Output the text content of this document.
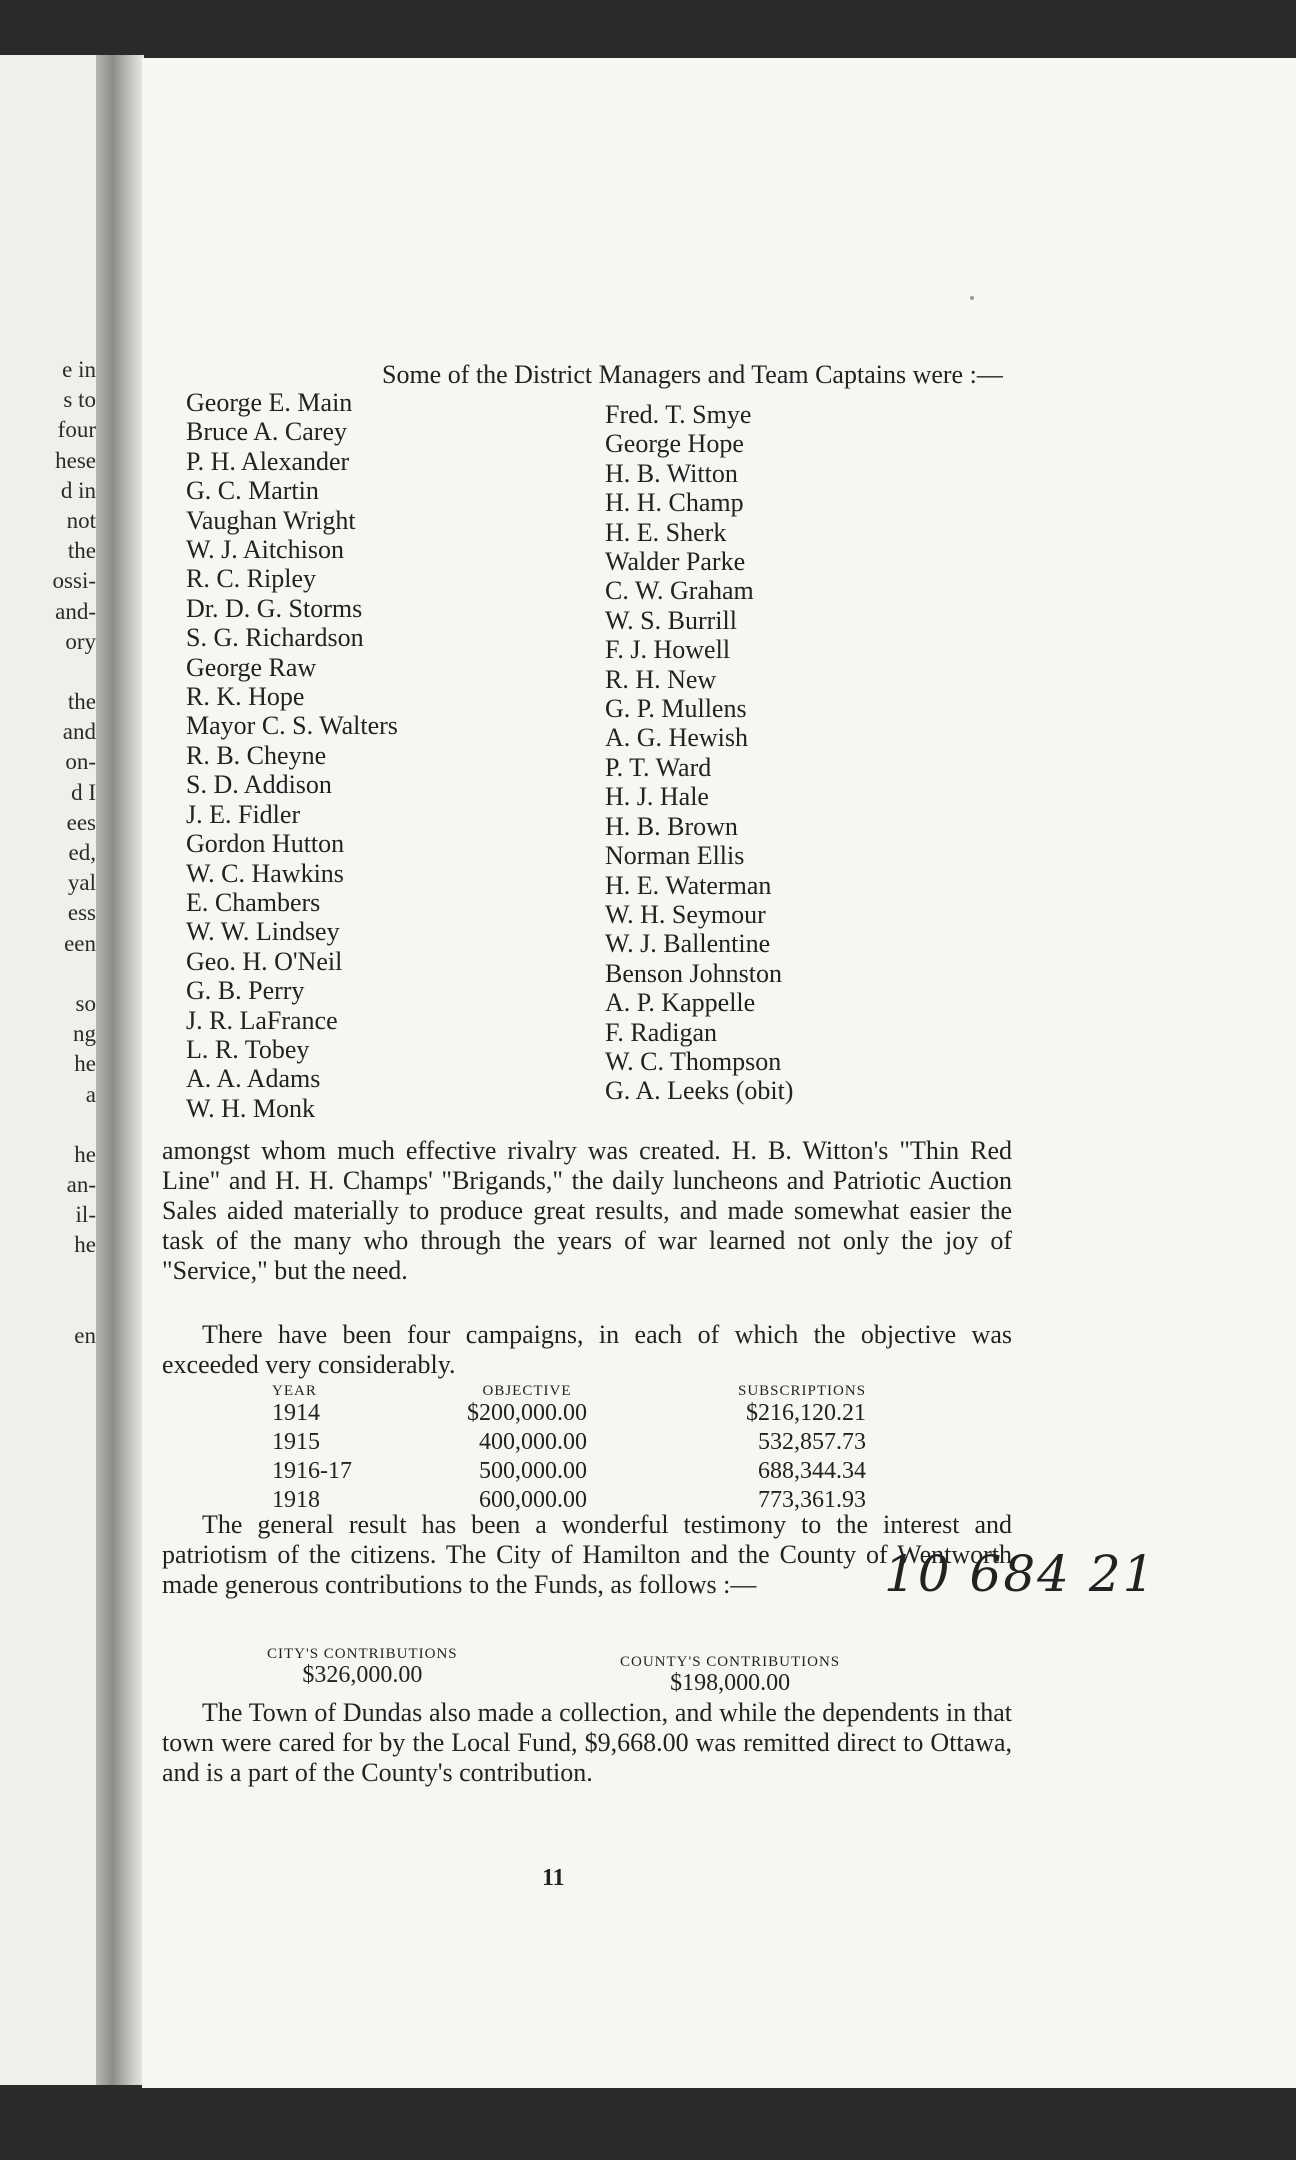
e in
s to
four
hese
d in
not
the
ossi-
and-
ory
the
and
on-
d I
ees
ed,
yal
ess
een
so
ng
he
a
he
an-
il-
he
en
Some of the District Managers and Team Captains were :—
George E. Main
Bruce A. Carey
P. H. Alexander
G. C. Martin
Vaughan Wright
W. J. Aitchison
R. C. Ripley
Dr. D. G. Storms
S. G. Richardson
George Raw
R. K. Hope
Mayor C. S. Walters
R. B. Cheyne
S. D. Addison
J. E. Fidler
Gordon Hutton
W. C. Hawkins
E. Chambers
W. W. Lindsey
Geo. H. O'Neil
G. B. Perry
J. R. LaFrance
L. R. Tobey
A. A. Adams
W. H. Monk
Fred. T. Smye
George Hope
H. B. Witton
H. H. Champ
H. E. Sherk
Walder Parke
C. W. Graham
W. S. Burrill
F. J. Howell
R. H. New
G. P. Mullens
A. G. Hewish
P. T. Ward
H. J. Hale
H. B. Brown
Norman Ellis
H. E. Waterman
W. H. Seymour
W. J. Ballentine
Benson Johnston
A. P. Kappelle
F. Radigan
W. C. Thompson
G. A. Leeks (obit)

amongst whom much effective rivalry was created. H. B. Witton's "Thin Red Line" and H. H. Champs' "Brigands," the daily luncheons and Patriotic Auction Sales aided materially to produce great results, and made somewhat easier the task of the many who through the years of war learned not only the joy of "Service," but the need.

There have been four campaigns, in each of which the objective was exceeded very considerably.

YEAR
1914
1915
1916-17
1918
OBJECTIVE
$200,000.00
400,000.00
500,000.00
600,000.00
SUBSCRIPTIONS
$216,120.21
532,857.73
688,344.34
773,361.93
10 684 21

The general result has been a wonderful testimony to the interest and patriotism of the citizens. The City of Hamilton and the County of Wentworth made generous contributions to the Funds, as follows :—

CITY'S CONTRIBUTIONS
$326,000.00	COUNTY'S CONTRIBUTIONS
$198,000.00

The Town of Dundas also made a collection, and while the dependents in that town were cared for by the Local Fund, $9,668.00 was remitted direct to Ottawa, and is a part of the County's contribution.

11
